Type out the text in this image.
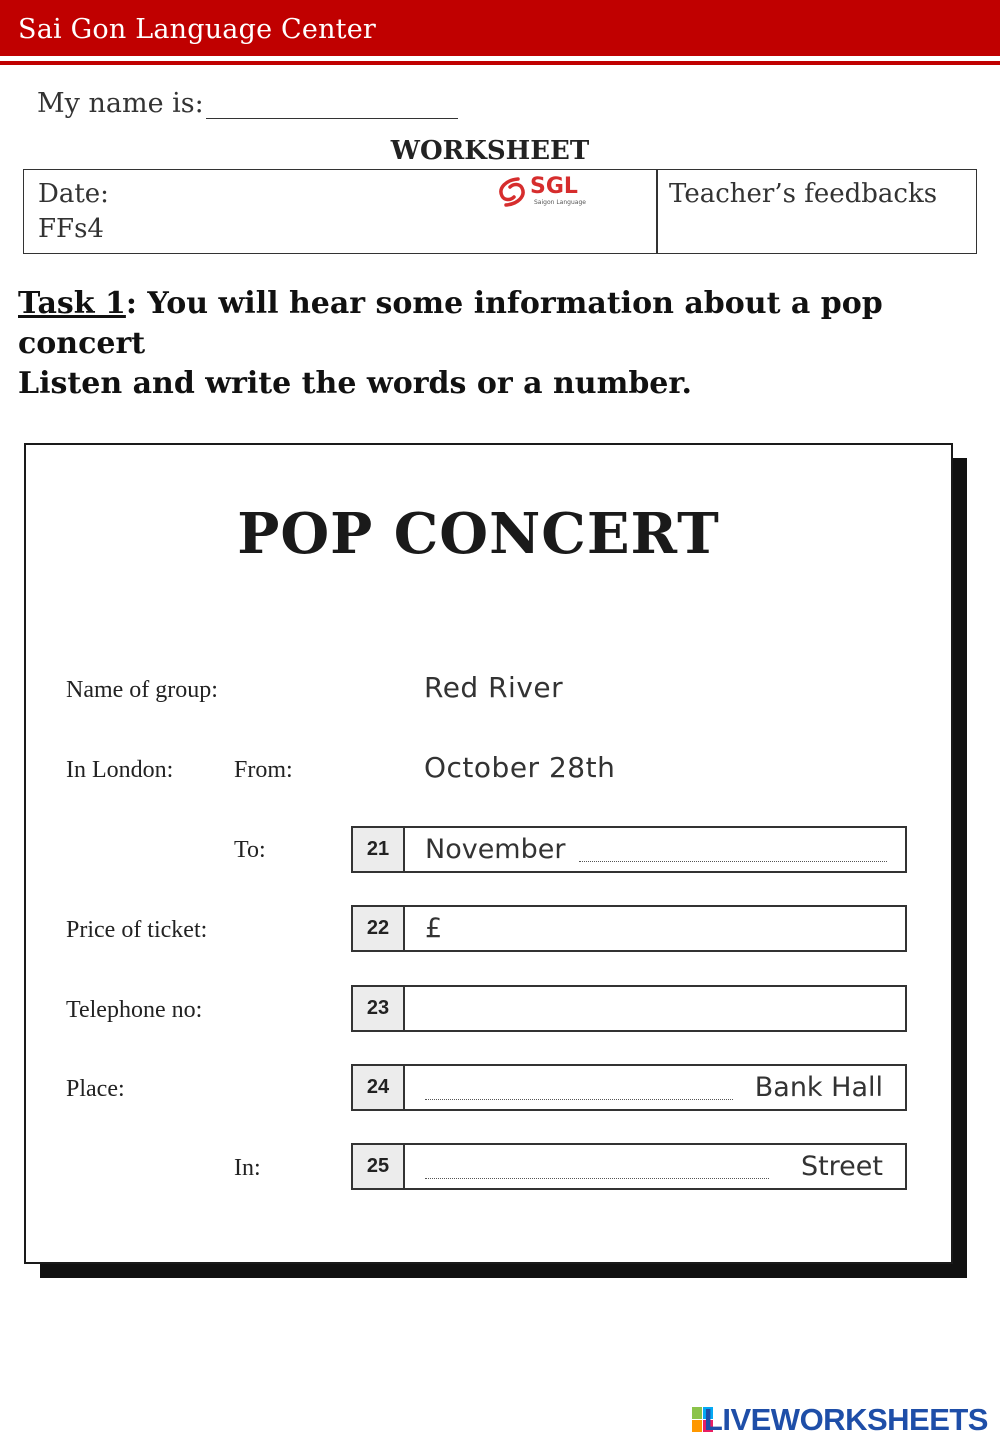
Sai Gon Language Center
My name is:
WORKSHEET
Date:
FFs4
SGL
Saigon Language	Teacher’s feedbacks
Task 1: You will hear some information about a pop concert
Listen and write the words or a number.
POP CONCERT
Name of group:	Red River
In London:	From:	October 28th
To:	21	November
Price of ticket:	22	£
Telephone no:	23
Place:	24	Bank Hall
In:	25	Street
LIVEWORKSHEETS
